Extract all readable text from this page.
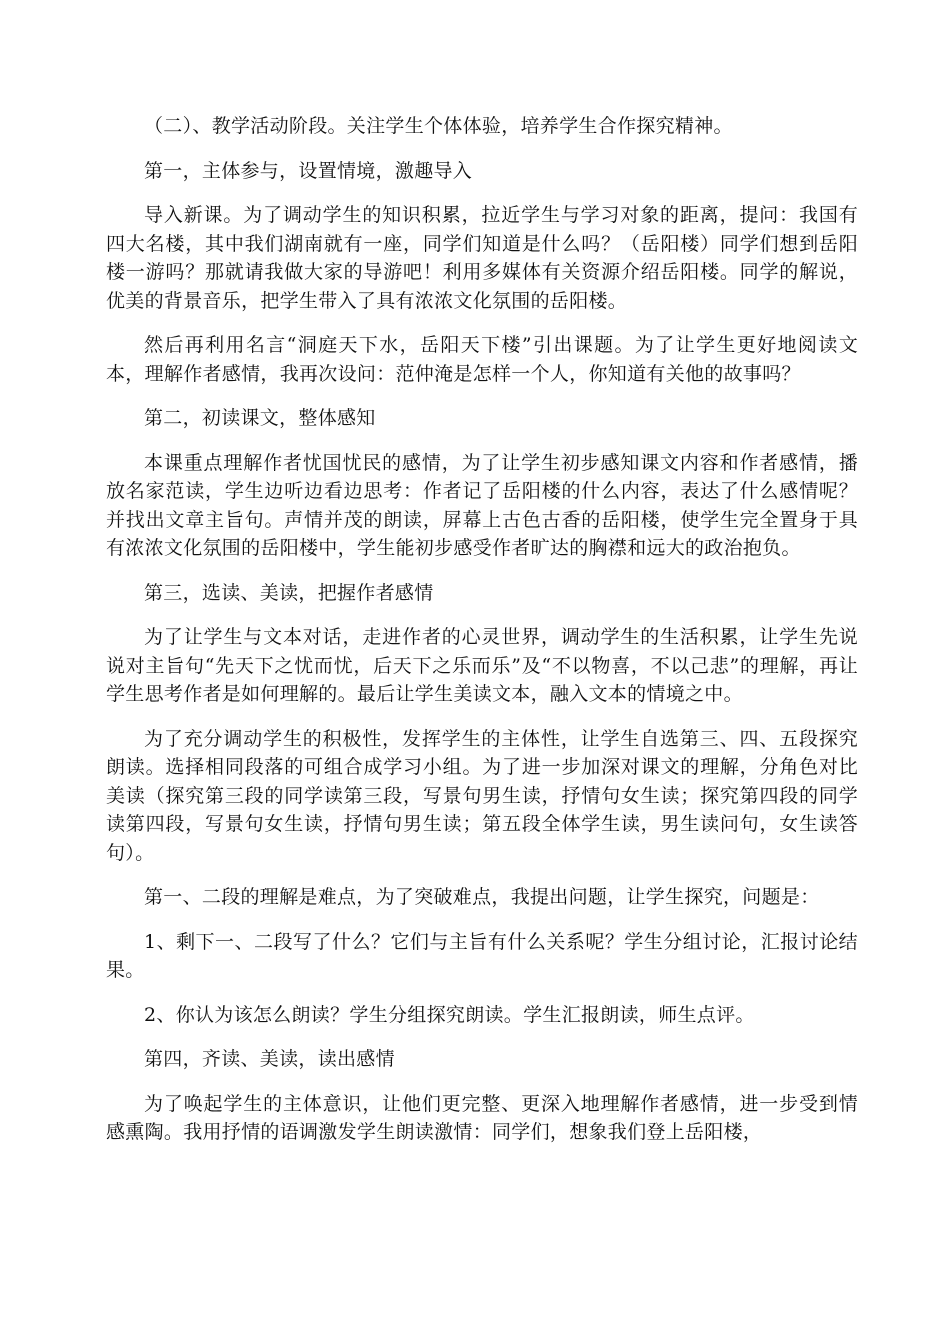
（二）、教学活动阶段。关注学生个体体验，培养学生合作探究精神。

第一，主体参与，设置情境，激趣导入

导入新课。为了调动学生的知识积累，拉近学生与学习对象的距离，提问：我国有四大名楼，其中我们湖南就有一座，同学们知道是什么吗？（岳阳楼）同学们想到岳阳楼一游吗？那就请我做大家的导游吧！利用多媒体有关资源介绍岳阳楼。同学的解说，优美的背景音乐，把学生带入了具有浓浓文化氛围的岳阳楼。

然后再利用名言“洞庭天下水，岳阳天下楼”引出课题。为了让学生更好地阅读文本，理解作者感情，我再次设问：范仲淹是怎样一个人，你知道有关他的故事吗？

第二，初读课文，整体感知

本课重点理解作者忧国忧民的感情，为了让学生初步感知课文内容和作者感情，播放名家范读，学生边听边看边思考：作者记了岳阳楼的什么内容，表达了什么感情呢？并找出文章主旨句。声情并茂的朗读，屏幕上古色古香的岳阳楼，使学生完全置身于具有浓浓文化氛围的岳阳楼中，学生能初步感受作者旷达的胸襟和远大的政治抱负。

第三，选读、美读，把握作者感情

为了让学生与文本对话，走进作者的心灵世界，调动学生的生活积累，让学生先说说对主旨句“先天下之忧而忧，后天下之乐而乐”及“不以物喜，不以己悲”的理解，再让学生思考作者是如何理解的。最后让学生美读文本，融入文本的情境之中。

为了充分调动学生的积极性，发挥学生的主体性，让学生自选第三、四、五段探究朗读。选择相同段落的可组合成学习小组。为了进一步加深对课文的理解，分角色对比美读（探究第三段的同学读第三段，写景句男生读，抒情句女生读；探究第四段的同学读第四段，写景句女生读，抒情句男生读；第五段全体学生读，男生读问句，女生读答句）。

第一、二段的理解是难点，为了突破难点，我提出问题，让学生探究，问题是：

1、剩下一、二段写了什么？它们与主旨有什么关系呢？学生分组讨论，汇报讨论结果。

2、你认为该怎么朗读？学生分组探究朗读。学生汇报朗读，师生点评。

第四，齐读、美读，读出感情

为了唤起学生的主体意识，让他们更完整、更深入地理解作者感情，进一步受到情感熏陶。我用抒情的语调激发学生朗读激情：同学们，想象我们登上岳阳楼，
